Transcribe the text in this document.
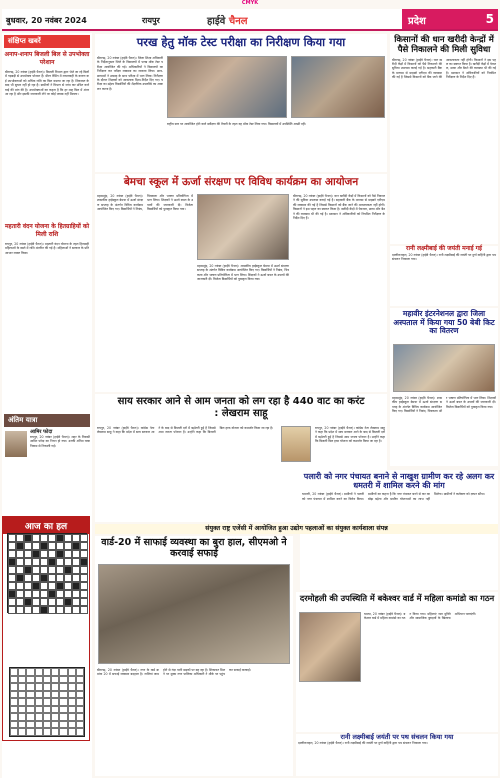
CMYK
बुधवार, 20 नवंबर 2024	रायपुर	हाईवे चैनल	प्रदेश	5
संक्षिप्त खबरें
अनाप-शनाप बिजली बिल से उपभोक्ता परेशान
खैरागढ़, 20 नवंबर (हाईवे चैनल)। बिजली विभाग द्वारा भेजे जा रहे बिलों में गड़बड़ी से उपभोक्ता परेशान हैं। मीटर रीडिंग में लापरवाही के कारण कई उपभोक्ताओं को अधिक राशि का बिल थमाया जा रहा है। शिकायत के बाद भी सुधार नहीं हो रहा है। ग्रामीणों ने विभाग से जांच कर उचित कार्रवाई की मांग की है। उपभोक्ताओं का कहना है कि हर माह बिल में अंतर आ रहा है और इसकी जानकारी लेने पर कोई जवाब नहीं मिलता।
महतारी वंदन योजना के हितग्राहियों को मिली राशि
रायपुर, 20 नवंबर (हाईवे चैनल)। महतारी वंदन योजना के तहत हितग्राही महिलाओं के खाते में राशि अंतरित की गई है। महिलाओं ने सरकार के प्रति आभार व्यक्त किया।
अंतिम यात्रा
आमिर फोदा
रायपुर, 20 नवंबर (हाईवे चैनल)। शहर के निवासी आमिर फोदा का निधन हो गया। उनकी अंतिम यात्रा निवास से निकाली गई।
आज का हल
परख हेतु मॉक टेस्ट परीक्षा का निरीक्षण किया गया
खैरागढ़, 20 नवंबर (हाईवे चैनल)। जिला शिक्षा अधिकारी के निर्देशानुसार जिले के विद्यालयों में परख मॉक टेस्ट परीक्षा आयोजित की गई। अधिकारियों ने विद्यालयों का निरीक्षण कर परीक्षा व्यवस्था का जायजा लिया। छात्र-छात्राओं ने उत्साह के साथ परीक्षा में भाग लिया। निरीक्षण के दौरान शिक्षकों को आवश्यक दिशा-निर्देश दिए गए। परीक्षा का उद्देश्य विद्यार्थियों की शैक्षणिक उपलब्धि का आकलन करना है।
राष्ट्रीय स्तर पर आयोजित होने वाले सर्वेक्षण की तैयारी के तहत यह मॉक टेस्ट लिया गया। विद्यालयों में उपस्थिति अच्छी रही।
किसानों की धान खरीदी केन्द्रों में पैसे निकालने की मिली सुविधा
खैरागढ़, 20 नवंबर (हाईवे चैनल)। धान खरीदी केंद्रों में किसानों को पैसे निकालने की सुविधा उपलब्ध कराई गई है। सहकारी बैंक के माध्यम से माइक्रो एटीएम की व्यवस्था की गई है जिससे किसानों को बैंक जाने की आवश्यकता नहीं होगी। किसानों ने इस पहल का स्वागत किया है। खरीदी केंद्रों में पेयजल, छाया और बैठने की व्यवस्था भी की गई है। प्रशासन ने अधिकारियों को नियमित निरीक्षण के निर्देश दिए हैं।
बेमचा स्कूल में ऊर्जा संरक्षण पर विविध कार्यक्रम का आयोजन
महासमुंद, 20 नवंबर (हाईवे चैनल)। शासकीय हाईस्कूल बेमचा में ऊर्जा संरक्षण सप्ताह के अंतर्गत विविध कार्यक्रम आयोजित किए गए। विद्यार्थियों ने निबंध, चित्रकला और भाषण प्रतियोगिता में भाग लिया। शिक्षकों ने ऊर्जा बचत के उपायों की जानकारी दी। विजेता विद्यार्थियों को पुरस्कृत किया गया।
महासमुंद, 20 नवंबर (हाईवे चैनल)। शासकीय हाईस्कूल बेमचा में ऊर्जा संरक्षण सप्ताह के अंतर्गत विविध कार्यक्रम आयोजित किए गए। विद्यार्थियों ने निबंध, चित्रकला और भाषण प्रतियोगिता में भाग लिया। शिक्षकों ने ऊर्जा बचत के उपायों की जानकारी दी। विजेता विद्यार्थियों को पुरस्कृत किया गया।
खैरागढ़, 20 नवंबर (हाईवे चैनल)। धान खरीदी केंद्रों में किसानों को पैसे निकालने की सुविधा उपलब्ध कराई गई है। सहकारी बैंक के माध्यम से माइक्रो एटीएम की व्यवस्था की गई है जिससे किसानों को बैंक जाने की आवश्यकता नहीं होगी। किसानों ने इस पहल का स्वागत किया है। खरीदी केंद्रों में पेयजल, छाया और बैठने की व्यवस्था भी की गई है। प्रशासन ने अधिकारियों को नियमित निरीक्षण के निर्देश दिए हैं।
रानी लक्ष्मीबाई की जयंती मनाई गई
दल्लीराजहरा, 20 नवंबर (हाईवे चैनल)। रानी लक्ष्मीबाई की जयंती पर दुर्गा वाहिनी द्वारा पथ संचलन निकाला गया।
महावीर इंटरनेशनल द्वारा जिला अस्पताल में किया गया 50 बेबी किट का वितरण
महासमुंद, 20 नवंबर (हाईवे चैनल)। शासकीय हाईस्कूल बेमचा में ऊर्जा संरक्षण सप्ताह के अंतर्गत विविध कार्यक्रम आयोजित किए गए। विद्यार्थियों ने निबंध, चित्रकला और भाषण प्रतियोगिता में भाग लिया। शिक्षकों ने ऊर्जा बचत के उपायों की जानकारी दी। विजेता विद्यार्थियों को पुरस्कृत किया गया।
साय सरकार आने से आम जनता को लग रहा है 440 वाट का करंट : लेखराम साहू
रायपुर, 20 नवंबर (हाईवे चैनल)। कांग्रेस नेता लेखराम साहू ने कहा कि प्रदेश में साय सरकार आने के बाद से बिजली दरों में बढ़ोतरी हुई है जिससे आम जनता परेशान है। उन्होंने कहा कि बिजली बिल हाफ योजना को कमजोर किया जा रहा है।	रायपुर, 20 नवंबर (हाईवे चैनल)। कांग्रेस नेता लेखराम साहू ने कहा कि प्रदेश में साय सरकार आने के बाद से बिजली दरों में बढ़ोतरी हुई है जिससे आम जनता परेशान है। उन्होंने कहा कि बिजली बिल हाफ योजना को कमजोर किया जा रहा है।
पलारी को नगर पंचायत बनाने से नाखुश ग्रामीण कर रहे अलग कर धमतरी में शामिल करने की मांग
धमतरी, 20 नवंबर (हाईवे चैनल)। ग्रामीणों ने पलारी को नगर पंचायत में शामिल करने का विरोध किया। ग्रामीणों का कहना है कि नगर पंचायत बनने से कर का बोझ बढ़ेगा और ग्रामीण योजनाओं का लाभ नहीं मिलेगा। ग्रामीणों ने कलेक्टर को ज्ञापन सौंपा।
संयुक्त राष्ट्र एजेंसी में आयोजित हुआ उद्योग पहलाओं का संयुक्त कार्यशाला संपन्न
वार्ड-20 में साफाई व्यवस्था का बुरा हाल, सीएमओ ने करवाई सफाई
खैरागढ़, 20 नवंबर (हाईवे चैनल)। नगर के वार्ड क्रमांक 20 में सफाई व्यवस्था बदहाल है। नालियां जाम होने से गंदा पानी सड़कों पर बह रहा है। शिकायत मिलने पर मुख्य नगर पालिका अधिकारी ने मौके पर पहुंचकर सफाई करवाई।
दरमोहली की उपस्थिति में बकेश्वर वार्ड में महिला कमांडो का गठन
धमधा, 20 नवंबर (हाईवे चैनल)। बकेश्वर वार्ड में महिला कमांडो का गठन किया गया। महिलाएं नशा मुक्ति और सामाजिक बुराइयों के खिलाफ अभियान चलाएंगी।
रानी लक्ष्मीबाई जयंती पर पथ संचलन किया गया
दल्लीराजहरा, 20 नवंबर (हाईवे चैनल)। रानी लक्ष्मीबाई की जयंती पर दुर्गा वाहिनी द्वारा पथ संचलन निकाला गया।
